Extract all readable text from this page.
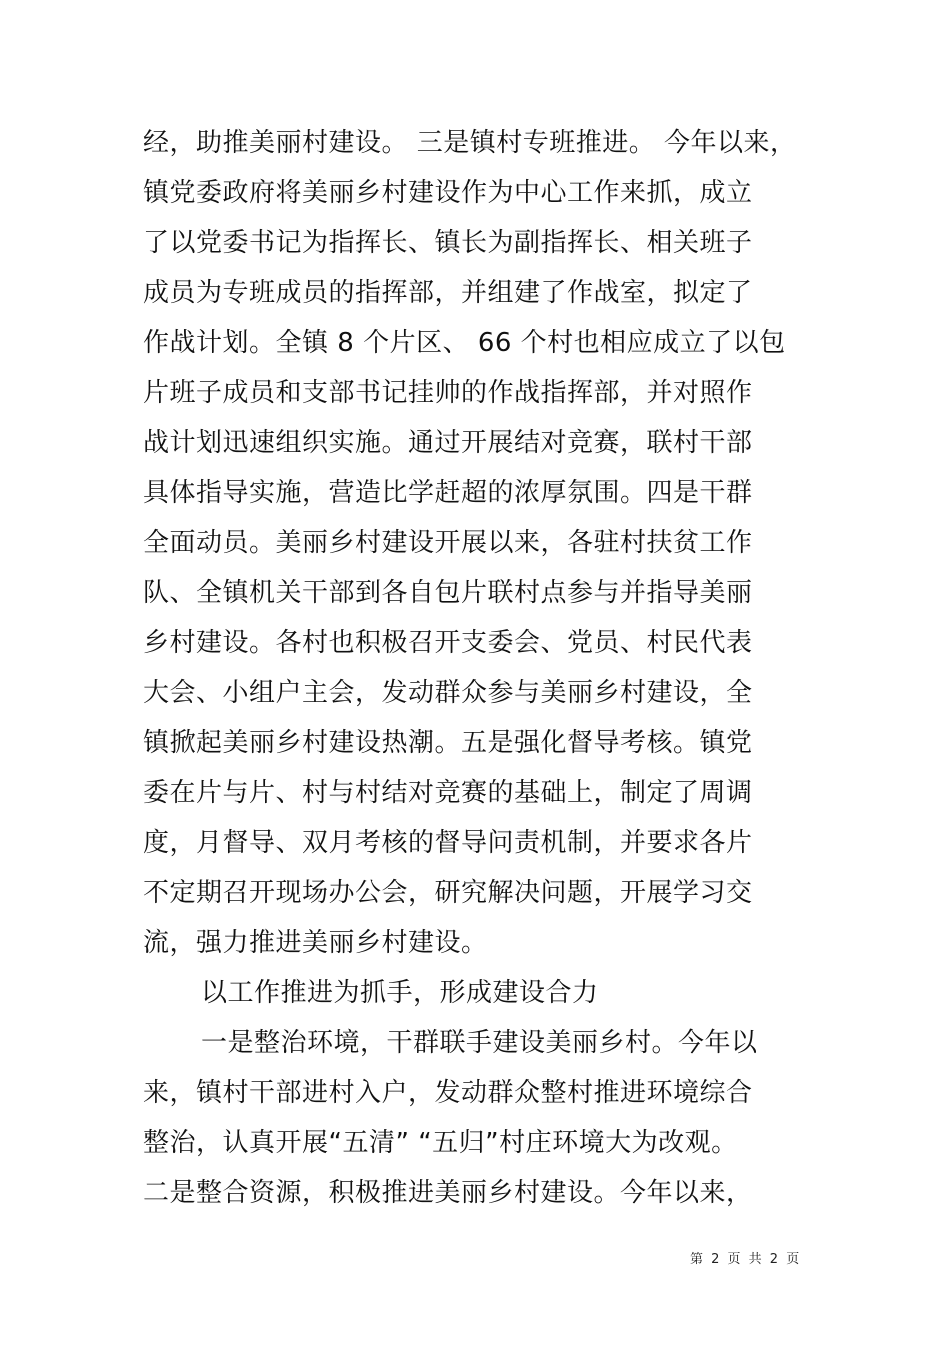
经，助推美丽村建设。 三是镇村专班推进。 今年以来，
镇党委政府将美丽乡村建设作为中心工作来抓，成立
了以党委书记为指挥长、镇长为副指挥长、相关班子
成员为专班成员的指挥部，并组建了作战室，拟定了
作战计划。全镇 8 个片区、 66 个村也相应成立了以包
片班子成员和支部书记挂帅的作战指挥部，并对照作
战计划迅速组织实施。通过开展结对竞赛，联村干部
具体指导实施，营造比学赶超的浓厚氛围。四是干群
全面动员。美丽乡村建设开展以来，各驻村扶贫工作
队、全镇机关干部到各自包片联村点参与并指导美丽
乡村建设。各村也积极召开支委会、党员、村民代表
大会、小组户主会，发动群众参与美丽乡村建设，全
镇掀起美丽乡村建设热潮。五是强化督导考核。镇党
委在片与片、村与村结对竞赛的基础上，制定了周调
度，月督导、双月考核的督导问责机制，并要求各片
不定期召开现场办公会，研究解决问题，开展学习交
流，强力推进美丽乡村建设。
以工作推进为抓手，形成建设合力
一是整治环境，干群联手建设美丽乡村。今年以
来，镇村干部进村入户，发动群众整村推进环境综合
整治，认真开展“五清” “五归”村庄环境大为改观。
二是整合资源，积极推进美丽乡村建设。今年以来，
第 2 页 共 2 页
